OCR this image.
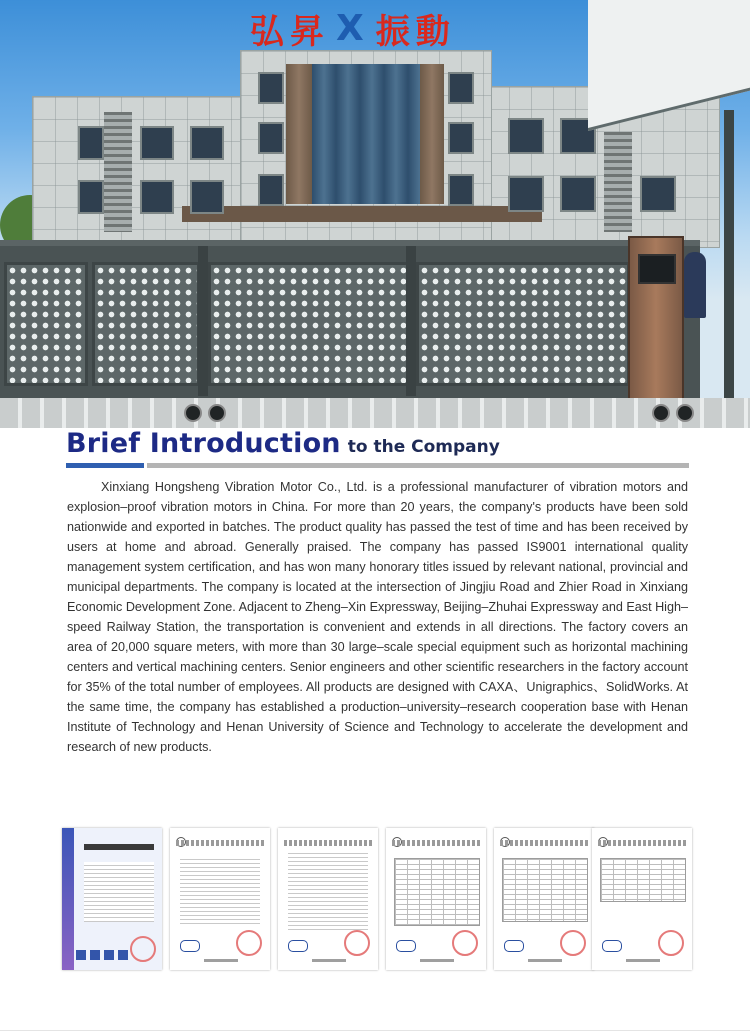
弘昇 X 振動
Brief Introduction to the Company

Xinxiang Hongsheng Vibration Motor Co., Ltd. is a professional manufacturer of vibration motors and explosion–proof vibration motors in China. For more than 20 years, the company's products have been sold nationwide and exported in batches. The product quality has passed the test of time and has been received by users at home and abroad. Generally praised. The company has passed IS9001 international quality management system certification, and has won many honorary titles issued by relevant national, provincial and municipal departments. The company is located at the intersection of Jingjiu Road and Zhier Road in Xinxiang Economic Development Zone. Adjacent to Zheng–Xin Expressway, Beijing–Zhuhai Expressway and East High–speed Railway Station, the transportation is convenient and extends in all directions. The factory covers an area of 20,000 square meters, with more than 30 large–scale special equipment such as horizontal machining centers and vertical machining centers. Senior engineers and other scientific researchers in the factory account for 35% of the total number of employees. All products are designed with CAXA、Unigraphics、SolidWorks. At the same time, the company has established a production–university–research cooperation base with Henan Institute of Technology and Henan University of Science and Technology to accelerate the development and research of new products.
